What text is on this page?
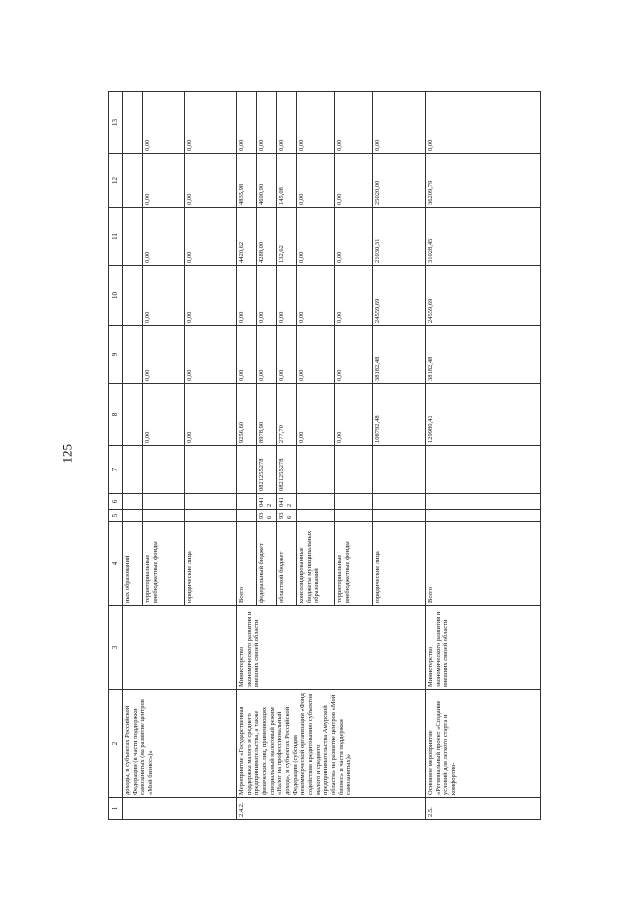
125
1	2	3	4	5	6	7	8	9	10	11	12	13
	доходы, в субъектах Российской Федерации (в части поддержки самозанятых (на развитие центров «Мой бизнес»)»		ных образований									
			территориальные внебюджетные фонды				0,00	0,00	0,00	0,00	0,00	0,00
			юридические лица				0,00	0,00	0,00	0,00	0,00	0,00
2.4.2.	Мероприятие «Государственная поддержка малого и среднего предпринимательства, а также физических лиц, применяющих специальный налоговый режим «Налог на профессиональный доход», в субъектах Российской Федерации (субсидия некоммерческой организации «Фонд содействия кредитованию субъектов малого и среднего предпринимательства Амурской области» на развитие центров «Мой бизнес» в части поддержки самозанятых)»	Министерство экономического развития и внешних связей области	Всего				9256,60	0,00	0,00	4420,62	4835,98	0,00
			федеральный бюджет	936	0412	0821255278	8978,90	0,00	0,00	4288,00	4690,90	0,00
			областной бюджет	936	0412	0821255278	277,70	0,00	0,00	132,62	145,08	0,00
			консолидированные бюджеты муниципальных образований				0,00	0,00	0,00	0,00	0,00	0,00
			территориальные внебюджетные фонды				0,00	0,00	0,00	0,00	0,00	0,00
			юридические лица				108792,48	38182,48	24559,69	21030,31	25020,00	0,00
2.5.	Основное мероприятие «Региональный проект «Создание условий для легкого старта и комфортно-	Министерство экономического развития и внешних связей области	Всего				129980,41	38182,48	24559,69	31028,45	36209,79	0,00
